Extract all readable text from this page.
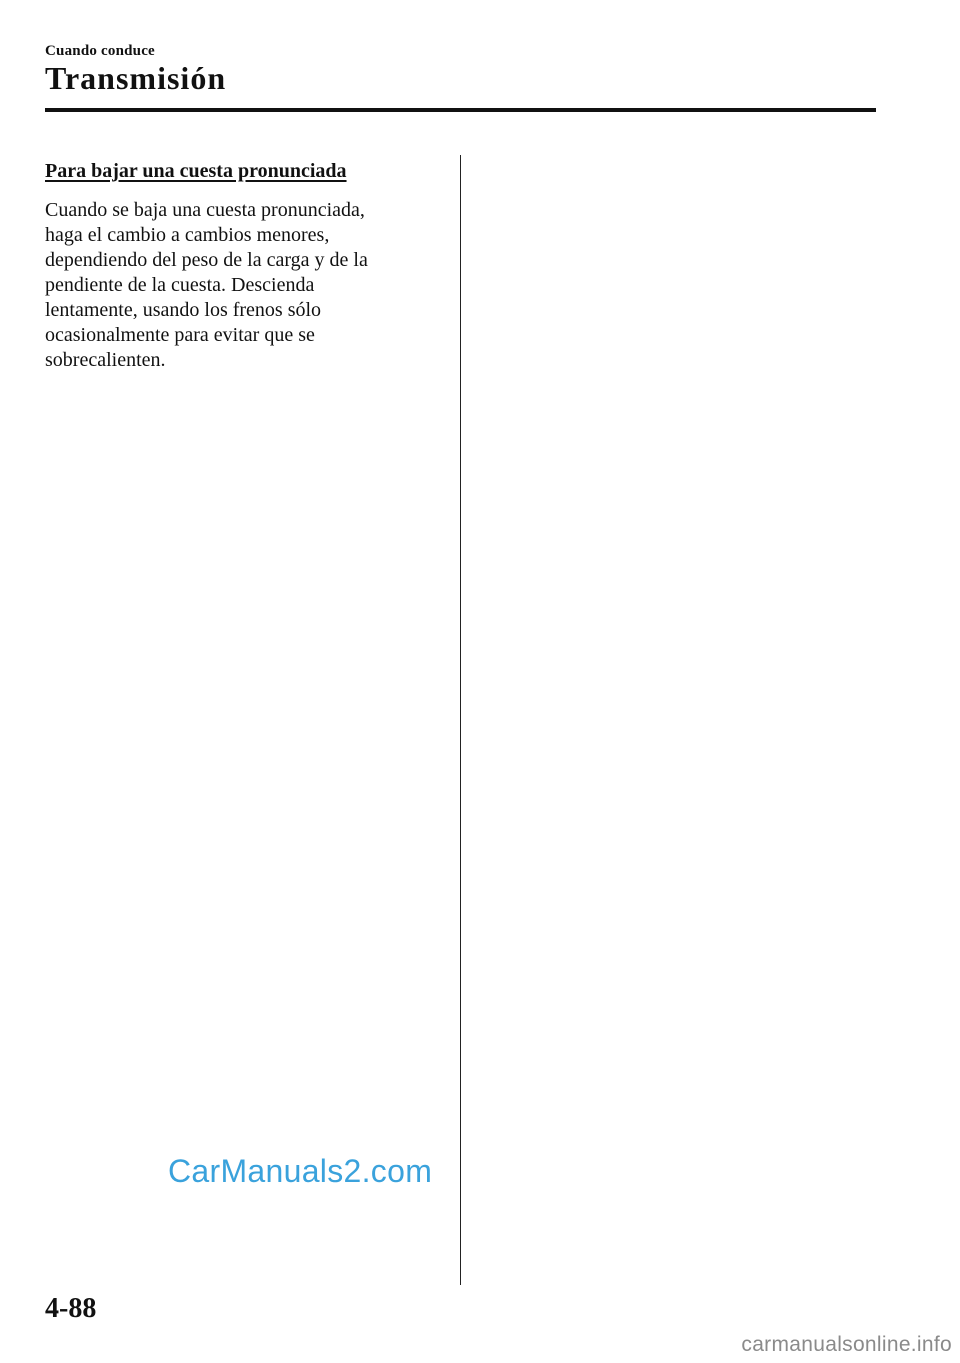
Cuando conduce
Transmisión
Para bajar una cuesta pronunciada

Cuando se baja una cuesta pronunciada,
haga el cambio a cambios menores,
dependiendo del peso de la carga y de la
pendiente de la cuesta. Descienda
lentamente, usando los frenos sólo
ocasionalmente para evitar que se
sobrecalienten.

CarManuals2.com
4-88
carmanualsonline.info
